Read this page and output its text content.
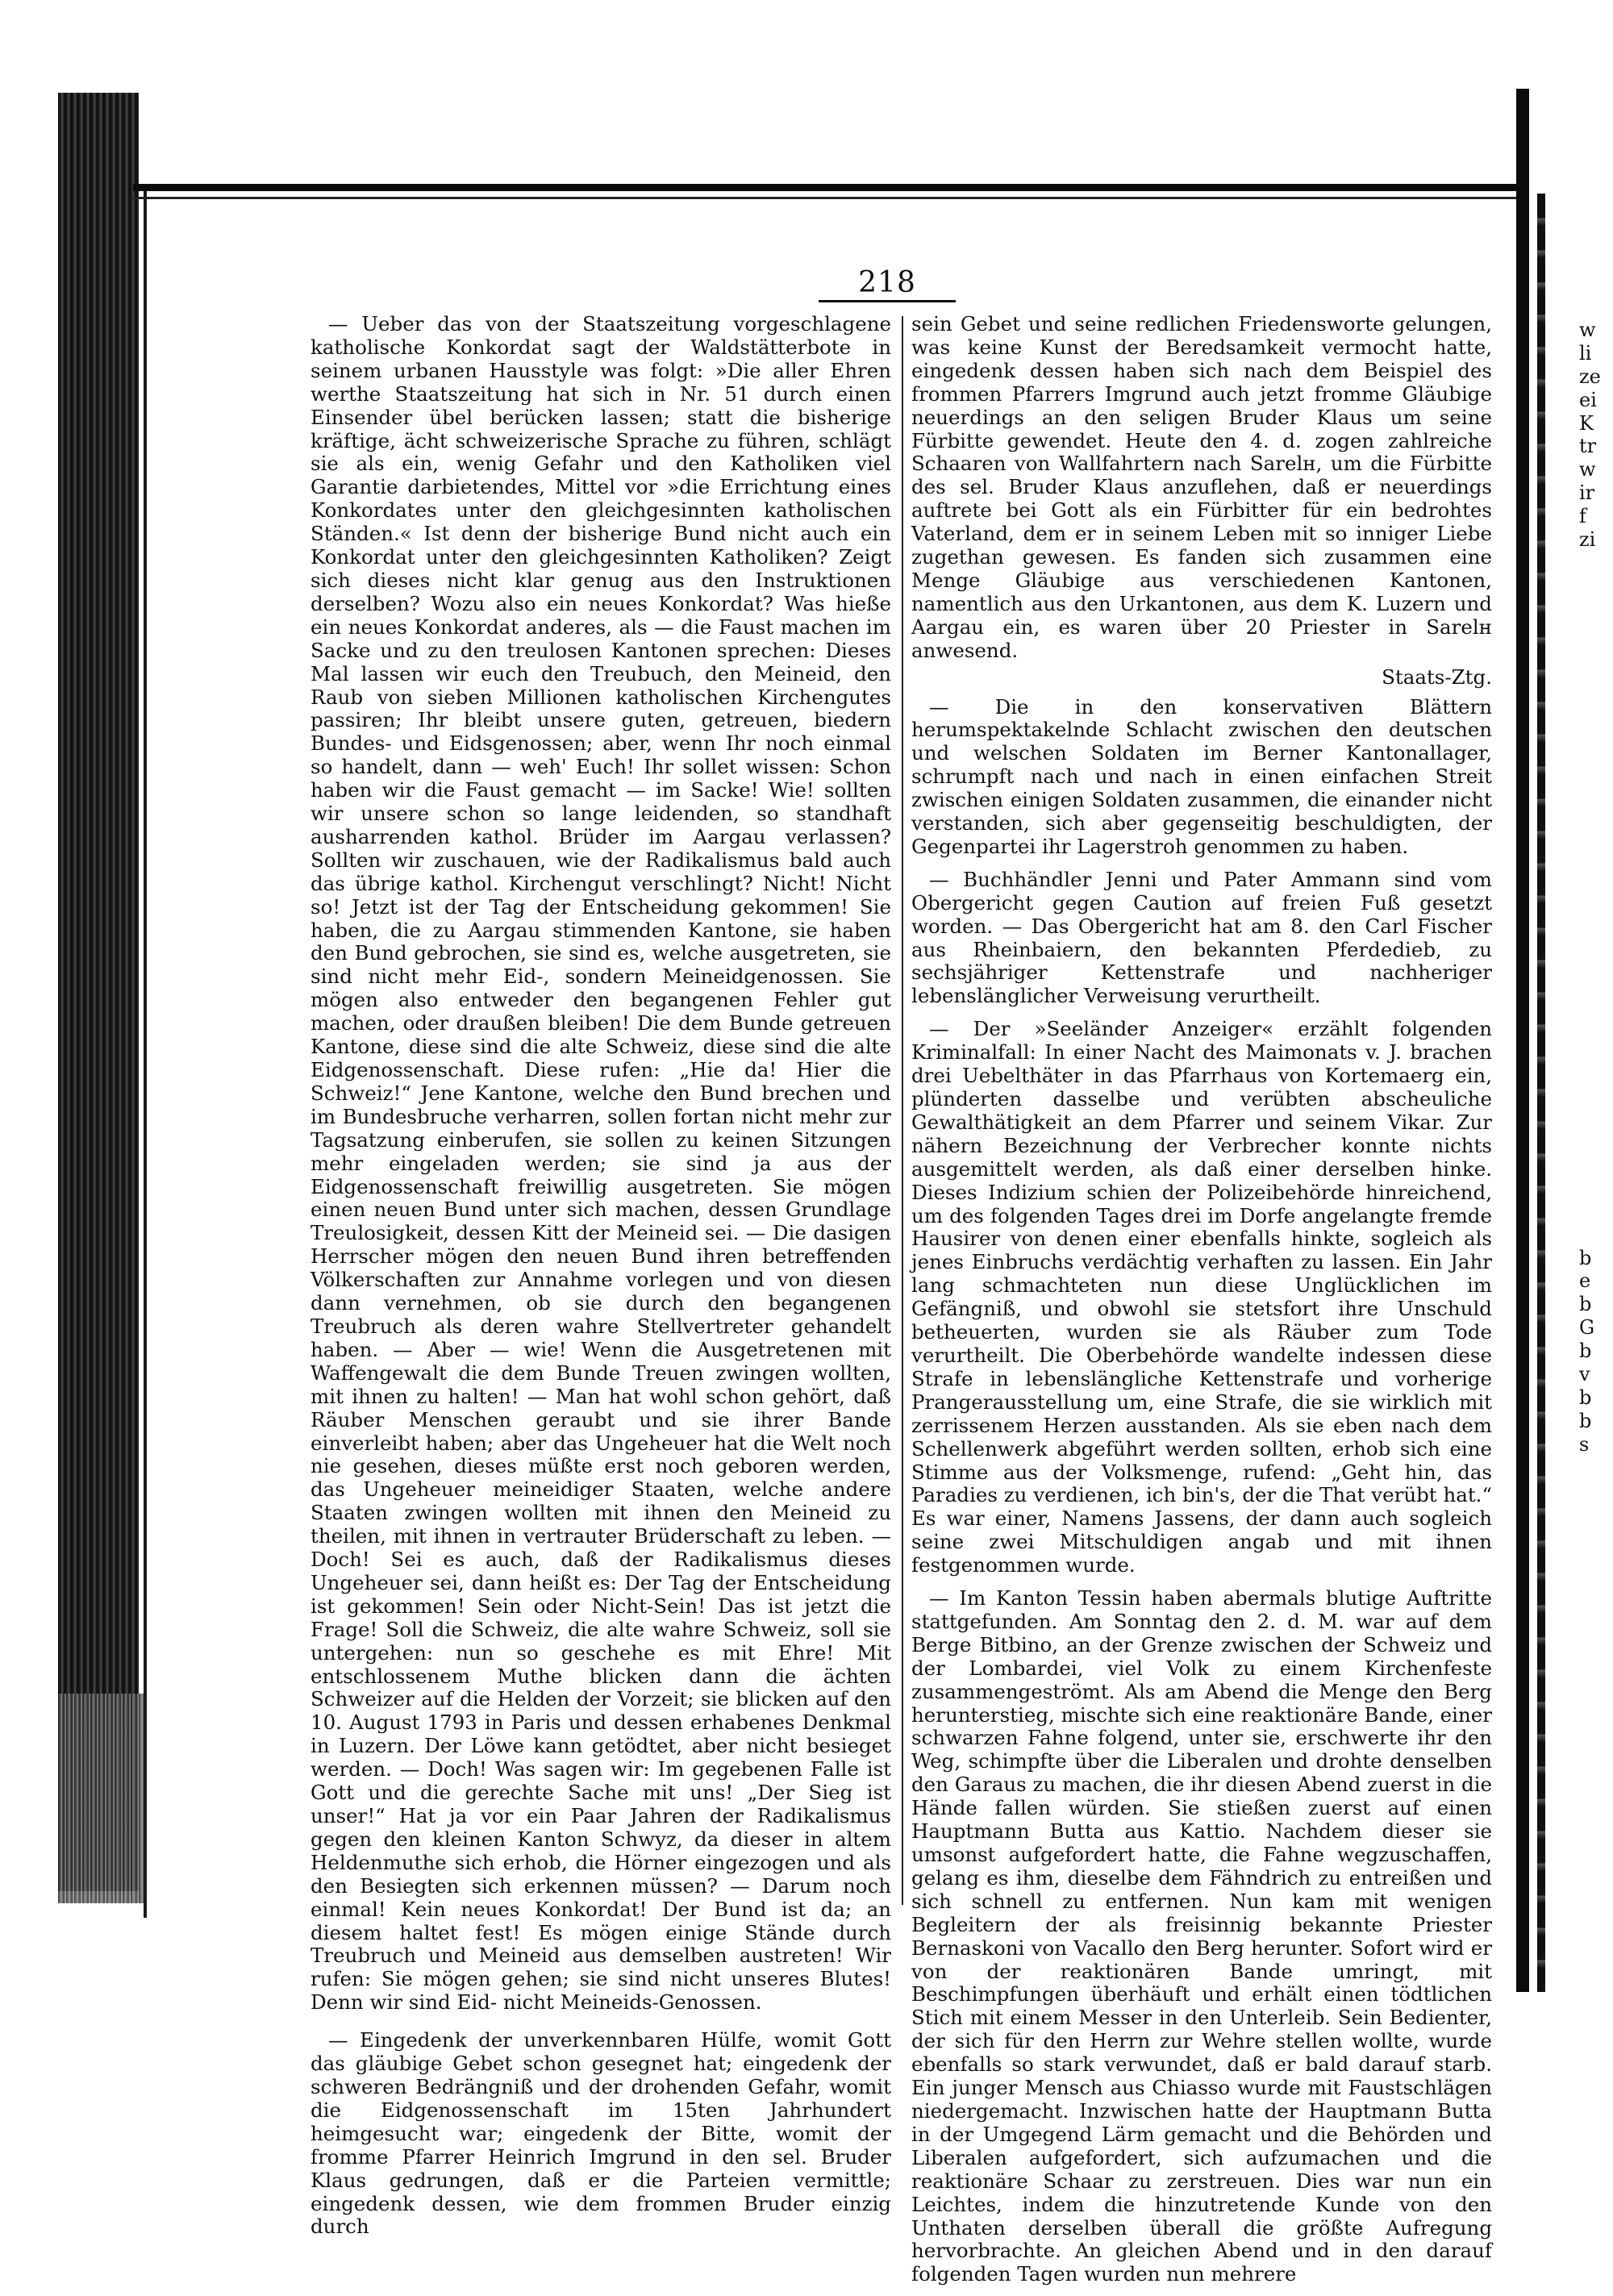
218

— Ueber das von der Staatszeitung vorgeschlagene katholische Konkordat sagt der Waldstätterbote in seinem urbanen Hausstyle was folgt: »Die aller Ehren werthe Staatszeitung hat sich in Nr. 51 durch einen Einsender übel berücken lassen; statt die bisherige kräftige, ächt schweizerische Sprache zu führen, schlägt sie als ein, wenig Gefahr und den Katholiken viel Garantie darbietendes, Mittel vor »die Errichtung eines Konkordates unter den gleichgesinnten katholischen Ständen.« Ist denn der bisherige Bund nicht auch ein Konkordat unter den gleichgesinnten Katholiken? Zeigt sich dieses nicht klar genug aus den Instruktionen derselben? Wozu also ein neues Konkordat? Was hieße ein neues Konkordat anderes, als — die Faust machen im Sacke und zu den treulosen Kantonen sprechen: Dieses Mal lassen wir euch den Treubuch, den Meineid, den Raub von sieben Millionen katholischen Kirchengutes passiren; Ihr bleibt unsere guten, getreuen, biedern Bundes- und Eidsgenossen; aber, wenn Ihr noch einmal so handelt, dann — weh' Euch! Ihr sollet wissen: Schon haben wir die Faust gemacht — im Sacke! Wie! sollten wir unsere schon so lange leidenden, so standhaft ausharrenden kathol. Brüder im Aargau verlassen? Sollten wir zuschauen, wie der Radikalismus bald auch das übrige kathol. Kirchengut verschlingt? Nicht! Nicht so! Jetzt ist der Tag der Entscheidung gekommen! Sie haben, die zu Aargau stimmenden Kantone, sie haben den Bund gebrochen, sie sind es, welche ausgetreten, sie sind nicht mehr Eid-, sondern Meineidgenossen. Sie mögen also entweder den begangenen Fehler gut machen, oder draußen bleiben! Die dem Bunde getreuen Kantone, diese sind die alte Schweiz, diese sind die alte Eidgenossenschaft. Diese rufen: „Hie da! Hier die Schweiz!“ Jene Kantone, welche den Bund brechen und im Bundesbruche verharren, sollen fortan nicht mehr zur Tagsatzung einberufen, sie sollen zu keinen Sitzungen mehr eingeladen werden; sie sind ja aus der Eidgenossenschaft freiwillig ausgetreten. Sie mögen einen neuen Bund unter sich machen, dessen Grundlage Treulosigkeit, dessen Kitt der Meineid sei. — Die dasigen Herrscher mögen den neuen Bund ihren betreffenden Völkerschaften zur Annahme vorlegen und von diesen dann vernehmen, ob sie durch den begangenen Treubruch als deren wahre Stellvertreter gehandelt haben. — Aber — wie! Wenn die Ausgetretenen mit Waffengewalt die dem Bunde Treuen zwingen wollten, mit ihnen zu halten! — Man hat wohl schon gehört, daß Räuber Menschen geraubt und sie ihrer Bande einverleibt haben; aber das Ungeheuer hat die Welt noch nie gesehen, dieses müßte erst noch geboren werden, das Ungeheuer meineidiger Staaten, welche andere Staaten zwingen wollten mit ihnen den Meineid zu theilen, mit ihnen in vertrauter Brüderschaft zu leben. — Doch! Sei es auch, daß der Radikalismus dieses Ungeheuer sei, dann heißt es: Der Tag der Entscheidung ist gekommen! Sein oder Nicht-Sein! Das ist jetzt die Frage! Soll die Schweiz, die alte wahre Schweiz, soll sie untergehen: nun so geschehe es mit Ehre! Mit entschlossenem Muthe blicken dann die ächten Schweizer auf die Helden der Vorzeit; sie blicken auf den 10. August 1793 in Paris und dessen erhabenes Denkmal in Luzern. Der Löwe kann getödtet, aber nicht besieget werden. — Doch! Was sagen wir: Im gegebenen Falle ist Gott und die gerechte Sache mit uns! „Der Sieg ist unser!“ Hat ja vor ein Paar Jahren der Radikalismus gegen den kleinen Kanton Schwyz, da dieser in altem Heldenmuthe sich erhob, die Hörner eingezogen und als den Besiegten sich erkennen müssen? — Darum noch einmal! Kein neues Konkordat! Der Bund ist da; an diesem haltet fest! Es mögen einige Stände durch Treubruch und Meineid aus demselben austreten! Wir rufen: Sie mögen gehen; sie sind nicht unseres Blutes! Denn wir sind Eid- nicht Meineids-Genossen.

— Eingedenk der unverkennbaren Hülfe, womit Gott das gläubige Gebet schon gesegnet hat; eingedenk der schweren Bedrängniß und der drohenden Gefahr, womit die Eidgenossenschaft im 15ten Jahrhundert heimgesucht war; eingedenk der Bitte, womit der fromme Pfarrer Heinrich Imgrund in den sel. Bruder Klaus gedrungen, daß er die Parteien vermittle; eingedenk dessen, wie dem frommen Bruder einzig durch

sein Gebet und seine redlichen Friedensworte gelungen, was keine Kunst der Beredsamkeit vermocht hatte, eingedenk dessen haben sich nach dem Beispiel des frommen Pfarrers Imgrund auch jetzt fromme Gläubige neuerdings an den seligen Bruder Klaus um seine Fürbitte gewendet. Heute den 4. d. zogen zahlreiche Schaaren von Wallfahrtern nach Sarelн, um die Fürbitte des sel. Bruder Klaus anzuflehen, daß er neuerdings auftrete bei Gott als ein Fürbitter für ein bedrohtes Vaterland, dem er in seinem Leben mit so inniger Liebe zugethan gewesen. Es fanden sich zusammen eine Menge Gläubige aus verschiedenen Kantonen, namentlich aus den Urkantonen, aus dem K. Luzern und Aargau ein, es waren über 20 Priester in Sarelн anwesend.

Staats-Ztg.

— Die in den konservativen Blättern herumspektakelnde Schlacht zwischen den deutschen und welschen Soldaten im Berner Kantonallager, schrumpft nach und nach in einen einfachen Streit zwischen einigen Soldaten zusammen, die einander nicht verstanden, sich aber gegenseitig beschuldigten, der Gegenpartei ihr Lagerstroh genommen zu haben.

— Buchhändler Jenni und Pater Ammann sind vom Obergericht gegen Caution auf freien Fuß gesetzt worden. — Das Obergericht hat am 8. den Carl Fischer aus Rheinbaiern, den bekannten Pferdedieb, zu sechsjähriger Kettenstrafe und nachheriger lebenslänglicher Verweisung verurtheilt.

— Der »Seeländer Anzeiger« erzählt folgenden Kriminalfall: In einer Nacht des Maimonats v. J. brachen drei Uebelthäter in das Pfarrhaus von Kortemaerg ein, plünderten dasselbe und verübten abscheuliche Gewalthätigkeit an dem Pfarrer und seinem Vikar. Zur nähern Bezeichnung der Verbrecher konnte nichts ausgemittelt werden, als daß einer derselben hinke. Dieses Indizium schien der Polizeibehörde hinreichend, um des folgenden Tages drei im Dorfe angelangte fremde Hausirer von denen einer ebenfalls hinkte, sogleich als jenes Einbruchs verdächtig verhaften zu lassen. Ein Jahr lang schmachteten nun diese Unglücklichen im Gefängniß, und obwohl sie stetsfort ihre Unschuld betheuerten, wurden sie als Räuber zum Tode verurtheilt. Die Oberbehörde wandelte indessen diese Strafe in lebenslängliche Kettenstrafe und vorherige Prangerausstellung um, eine Strafe, die sie wirklich mit zerrissenem Herzen ausstanden. Als sie eben nach dem Schellenwerk abgeführt werden sollten, erhob sich eine Stimme aus der Volksmenge, rufend: „Geht hin, das Paradies zu verdienen, ich bin's, der die That verübt hat.“ Es war einer, Namens Jassens, der dann auch sogleich seine zwei Mitschuldigen angab und mit ihnen festgenommen wurde.

— Im Kanton Tessin haben abermals blutige Auftritte stattgefunden. Am Sonntag den 2. d. M. war auf dem Berge Bitbino, an der Grenze zwischen der Schweiz und der Lombardei, viel Volk zu einem Kirchenfeste zusammengeströmt. Als am Abend die Menge den Berg herunterstieg, mischte sich eine reaktionäre Bande, einer schwarzen Fahne folgend, unter sie, erschwerte ihr den Weg, schimpfte über die Liberalen und drohte denselben den Garaus zu machen, die ihr diesen Abend zuerst in die Hände fallen würden. Sie stießen zuerst auf einen Hauptmann Butta aus Kattio. Nachdem dieser sie umsonst aufgefordert hatte, die Fahne wegzuschaffen, gelang es ihm, dieselbe dem Fähndrich zu entreißen und sich schnell zu entfernen. Nun kam mit wenigen Begleitern der als freisinnig bekannte Priester Bernaskoni von Vacallo den Berg herunter. Sofort wird er von der reaktionären Bande umringt, mit Beschimpfungen überhäuft und erhält einen tödtlichen Stich mit einem Messer in den Unterleib. Sein Bedienter, der sich für den Herrn zur Wehre stellen wollte, wurde ebenfalls so stark verwundet, daß er bald darauf starb. Ein junger Mensch aus Chiasso wurde mit Faustschlägen niedergemacht. Inzwischen hatte der Hauptmann Butta in der Umgegend Lärm gemacht und die Behörden und Liberalen aufgefordert, sich aufzumachen und die reaktionäre Schaar zu zerstreuen. Dies war nun ein Leichtes, indem die hinzutretende Kunde von den Unthaten derselben überall die größte Aufregung hervorbrachte. An gleichen Abend und in den darauf folgenden Tagen wurden nun mehrere

w
li
ze
ei
K
tr
w
ir
f
zi
b
e
b
G
b
v
b
b
s
